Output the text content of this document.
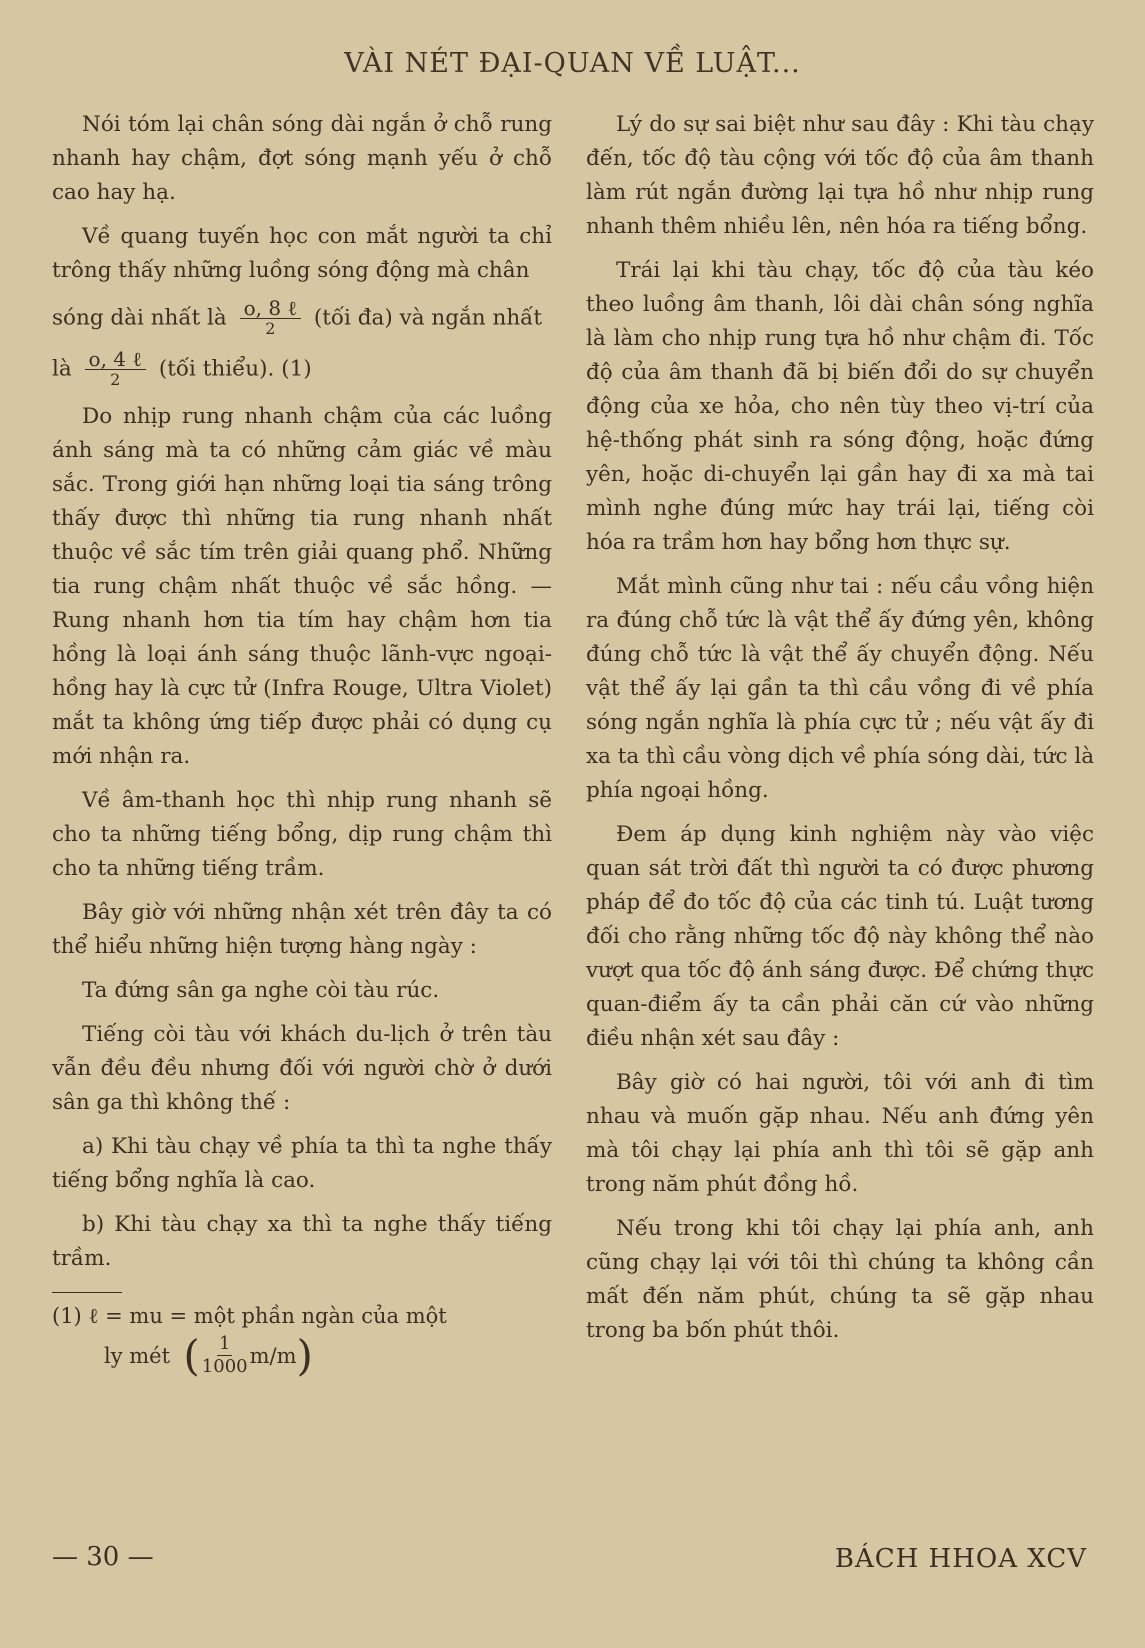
VÀI NÉT ĐẠI-QUAN VỀ LUẬT...

Nói tóm lại chân sóng dài ngắn ở chỗ rung nhanh hay chậm, đợt sóng mạnh yếu ở chỗ cao hay hạ.

Về quang tuyến học con mắt người ta chỉ trông thấy những luồng sóng động mà chân

sóng dài nhất là $\frac{\text{o, 8 ℓ}}{2}$ (tối đa) và ngắn nhất

là $\frac{\text{o, 4 ℓ}}{2}$ (tối thiểu). (1)

Do nhịp rung nhanh chậm của các luồng ánh sáng mà ta có những cảm giác về màu sắc. Trong giới hạn những loại tia sáng trông thấy được thì những tia rung nhanh nhất thuộc về sắc tím trên giải quang phổ. Những tia rung chậm nhất thuộc về sắc hồng. — Rung nhanh hơn tia tím hay chậm hơn tia hồng là loại ánh sáng thuộc lãnh-vực ngoại-hồng hay là cực tử (Infra Rouge, Ultra Violet) mắt ta không ứng tiếp được phải có dụng cụ mới nhận ra.

Về âm-thanh học thì nhịp rung nhanh sẽ cho ta những tiếng bổng, dịp rung chậm thì cho ta những tiếng trầm.

Bây giờ với những nhận xét trên đây ta có thể hiểu những hiện tượng hàng ngày :

Ta đứng sân ga nghe còi tàu rúc.

Tiếng còi tàu với khách du-lịch ở trên tàu vẫn đều đều nhưng đối với người chờ ở dưới sân ga thì không thế :

a) Khi tàu chạy về phía ta thì ta nghe thấy tiếng bổng nghĩa là cao.

b) Khi tàu chạy xa thì ta nghe thấy tiếng trầm.

(1) ℓ = mu = một phần ngàn của một
ly mét ( $\frac{1}{1000} m/m$ )

Lý do sự sai biệt như sau đây : Khi tàu chạy đến, tốc độ tàu cộng với tốc độ của âm thanh làm rút ngắn đường lại tựa hồ như nhịp rung nhanh thêm nhiều lên, nên hóa ra tiếng bổng.

Trái lại khi tàu chạy, tốc độ của tàu kéo theo luồng âm thanh, lôi dài chân sóng nghĩa là làm cho nhịp rung tựa hồ như chậm đi. Tốc độ của âm thanh đã bị biến đổi do sự chuyển động của xe hỏa, cho nên tùy theo vị-trí của hệ-thống phát sinh ra sóng động, hoặc đứng yên, hoặc di-chuyển lại gần hay đi xa mà tai mình nghe đúng mức hay trái lại, tiếng còi hóa ra trầm hơn hay bổng hơn thực sự.

Mắt mình cũng như tai : nếu cầu vồng hiện ra đúng chỗ tức là vật thể ấy đứng yên, không đúng chỗ tức là vật thể ấy chuyển động. Nếu vật thể ấy lại gần ta thì cầu vồng đi về phía sóng ngắn nghĩa là phía cực tử ; nếu vật ấy đi xa ta thì cầu vòng dịch về phía sóng dài, tức là phía ngoại hồng.

Đem áp dụng kinh nghiệm này vào việc quan sát trời đất thì người ta có được phương pháp để đo tốc độ của các tinh tú. Luật tương đối cho rằng những tốc độ này không thể nào vượt qua tốc độ ánh sáng được. Để chứng thực quan-điểm ấy ta cần phải căn cứ vào những điều nhận xét sau đây :

Bây giờ có hai người, tôi với anh đi tìm nhau và muốn gặp nhau. Nếu anh đứng yên mà tôi chạy lại phía anh thì tôi sẽ gặp anh trong năm phút đồng hồ.

Nếu trong khi tôi chạy lại phía anh, anh cũng chạy lại với tôi thì chúng ta không cần mất đến năm phút, chúng ta sẽ gặp nhau trong ba bốn phút thôi.

— 30 —	BÁCH HHOA XCV
